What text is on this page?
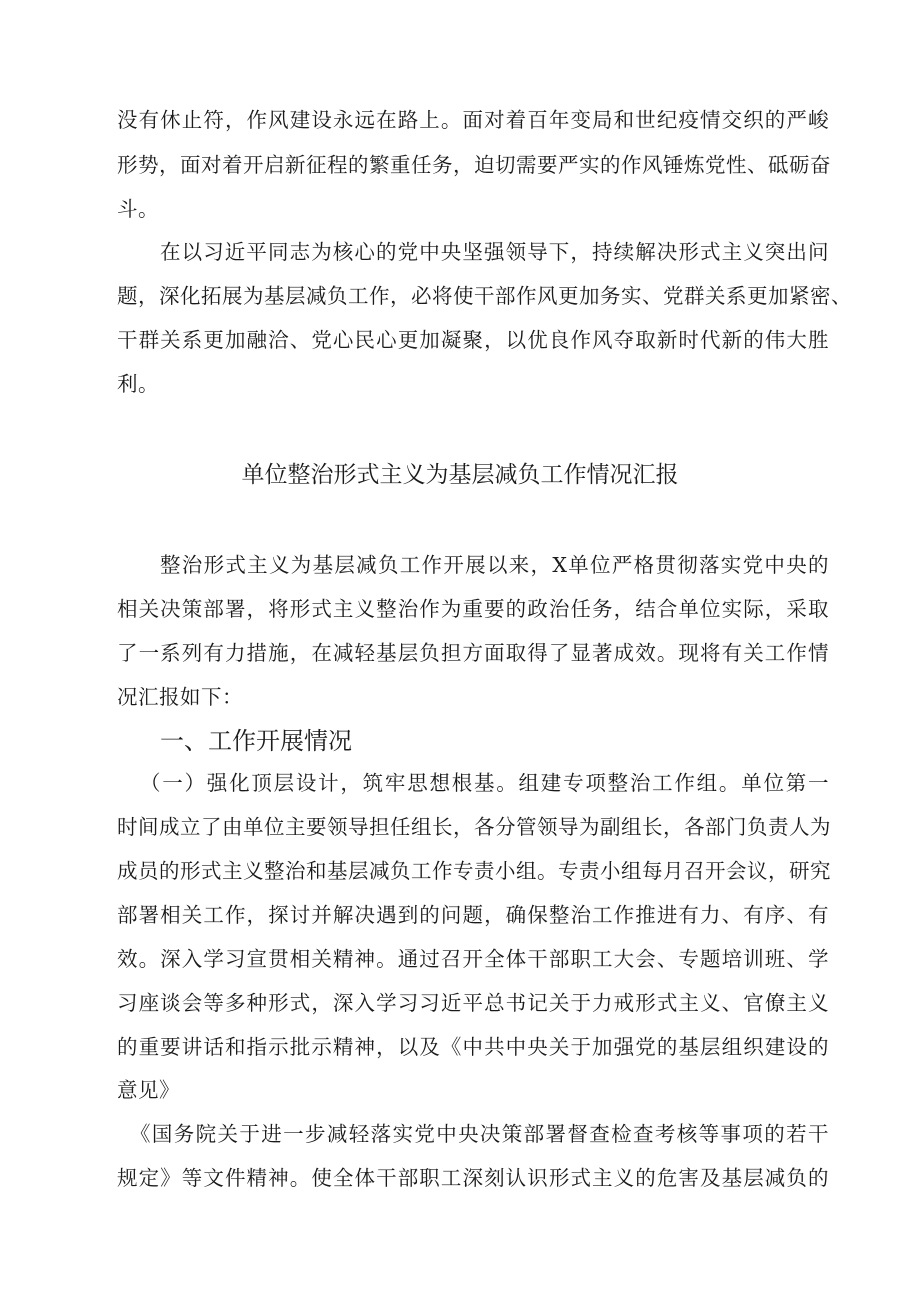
没有休止符，作风建设永远在路上。面对着百年变局和世纪疫情交织的严峻
形势，面对着开启新征程的繁重任务，迫切需要严实的作风锤炼党性、砥砺奋
斗。
在以习近平同志为核心的党中央坚强领导下，持续解决形式主义突出问
题，深化拓展为基层减负工作，必将使干部作风更加务实、党群关系更加紧密、
干群关系更加融洽、党心民心更加凝聚，以优良作风夺取新时代新的伟大胜
利。
单位整治形式主义为基层减负工作情况汇报
整治形式主义为基层减负工作开展以来，X单位严格贯彻落实党中央的
相关决策部署，将形式主义整治作为重要的政治任务，结合单位实际，采取
了一系列有力措施，在减轻基层负担方面取得了显著成效。现将有关工作情
况汇报如下：
一、工作开展情况
（一）强化顶层设计，筑牢思想根基。组建专项整治工作组。单位第一
时间成立了由单位主要领导担任组长，各分管领导为副组长，各部门负责人为
成员的形式主义整治和基层减负工作专责小组。专责小组每月召开会议，研究
部署相关工作，探讨并解决遇到的问题，确保整治工作推进有力、有序、有
效。深入学习宣贯相关精神。通过召开全体干部职工大会、专题培训班、学
习座谈会等多种形式，深入学习习近平总书记关于力戒形式主义、官僚主义
的重要讲话和指示批示精神，以及《中共中央关于加强党的基层组织建设的
意见》
《国务院关于进一步减轻落实党中央决策部署督查检查考核等事项的若干
规定》等文件精神。使全体干部职工深刻认识形式主义的危害及基层减负的
